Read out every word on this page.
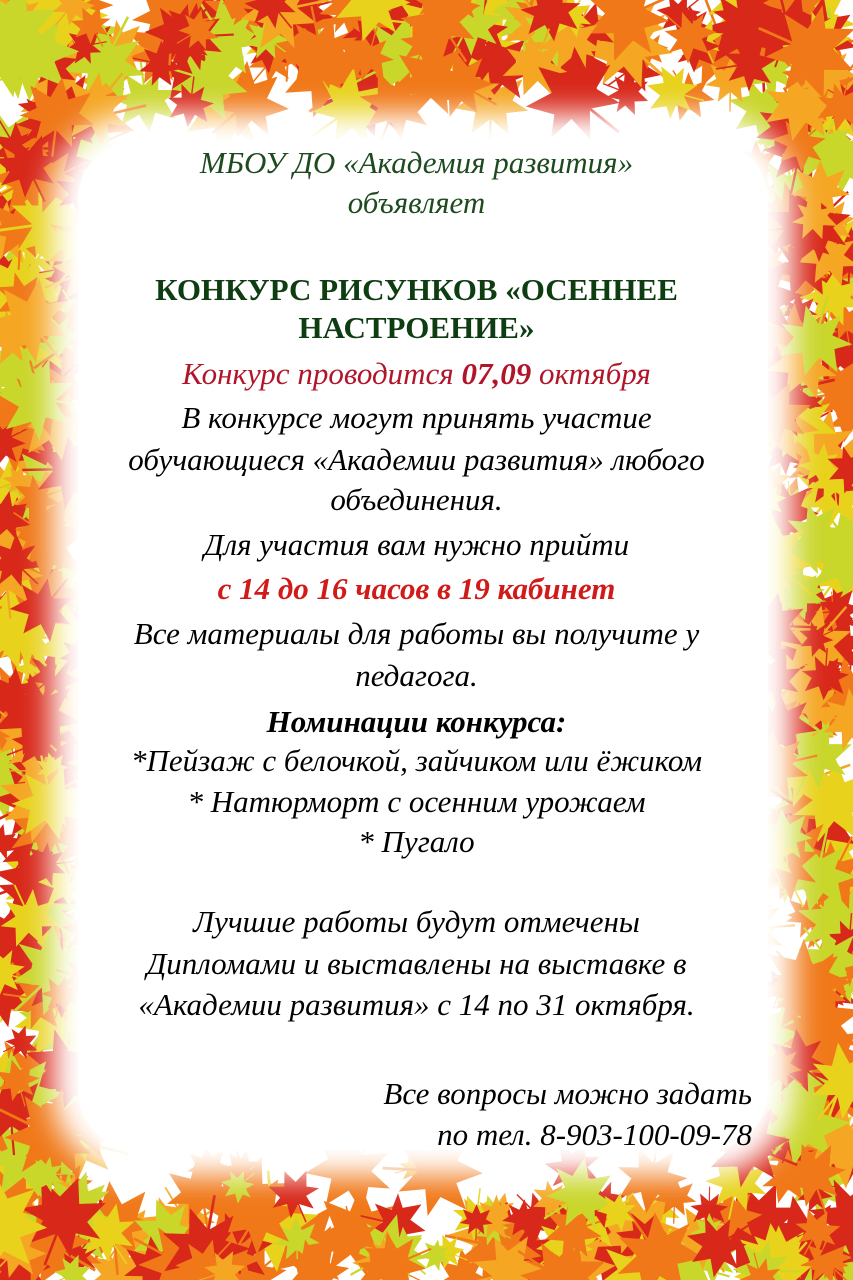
МБОУ ДО «Академия развития»
объявляет
КОНКУРС РИСУНКОВ «ОСЕННЕЕ
НАСТРОЕНИЕ»
Конкурс проводится 07,09 октября
В конкурсе могут принять участие
обучающиеся «Академии развития» любого
объединения.
Для участия вам нужно прийти
с 14 до 16 часов в 19 кабинет
Все материалы для работы вы получите у
педагога.
Номинации конкурса:
*Пейзаж с белочкой, зайчиком или ёжиком
* Натюрморт с осенним урожаем
* Пугало
Лучшие работы будут отмечены
Дипломами и выставлены на выставке в
«Академии развития» с 14 по 31 октября.
Все вопросы можно задать
по тел. 8-903-100-09-78
